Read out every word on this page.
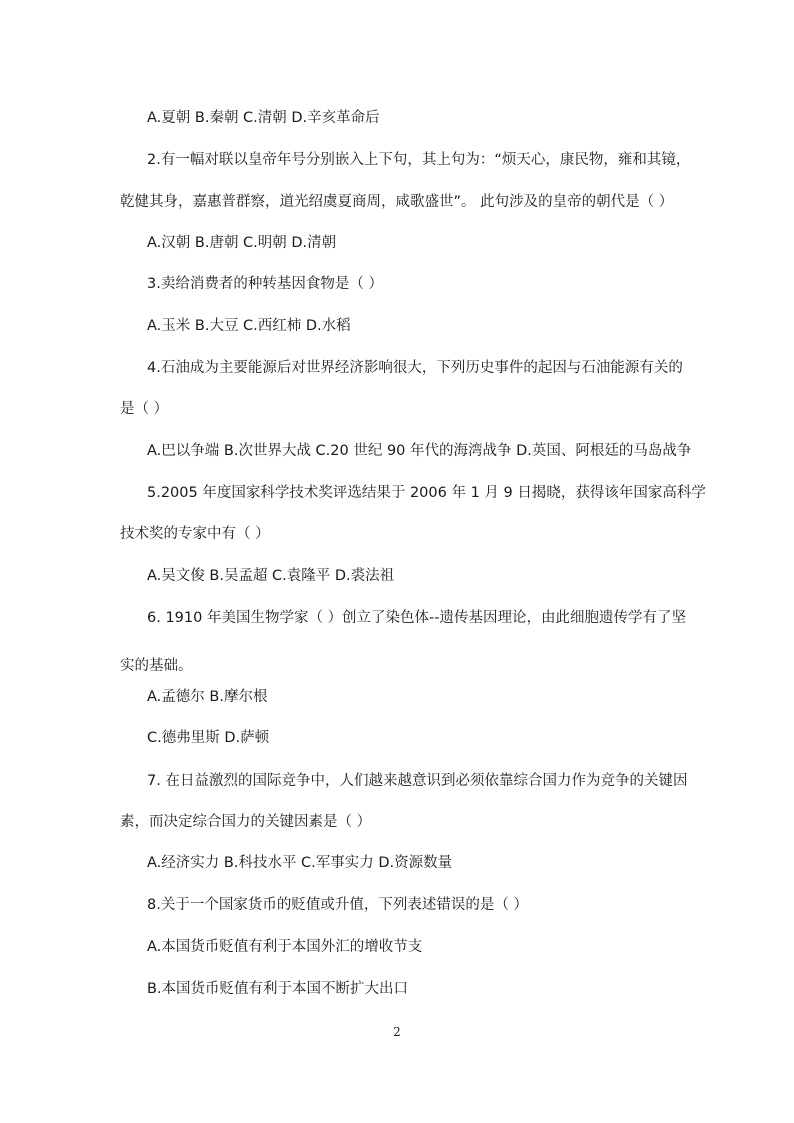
A.夏朝 B.秦朝 C.清朝 D.辛亥革命后
2.有一幅对联以皇帝年号分别嵌入上下句，其上句为：“烦天心，康民物，雍和其镜，
乾健其身，嘉惠普群察，道光绍虞夏商周，咸歌盛世”。 此句涉及的皇帝的朝代是（ ）
A.汉朝 B.唐朝 C.明朝 D.清朝
3.卖给消费者的种转基因食物是（ ）
A.玉米 B.大豆 C.西红柿 D.水稻
4.石油成为主要能源后对世界经济影响很大，下列历史事件的起因与石油能源有关的
是（ ）
A.巴以争端 B.次世界大战 C.20 世纪 90 年代的海湾战争 D.英国、阿根廷的马岛战争
5.2005 年度国家科学技术奖评选结果于 2006 年 1 月 9 日揭晓，获得该年国家高科学
技术奖的专家中有（ ）
A.吴文俊 B.吴孟超 C.袁隆平 D.裘法祖
6. 1910 年美国生物学家（ ）创立了染色体--遗传基因理论，由此细胞遗传学有了坚
实的基础。
A.孟德尔 B.摩尔根
C.德弗里斯 D.萨顿
7. 在日益激烈的国际竞争中，人们越来越意识到必须依靠综合国力作为竞争的关键因
素，而决定综合国力的关键因素是（ ）
A.经济实力 B.科技水平 C.军事实力 D.资源数量
8.关于一个国家货币的贬值或升值，下列表述错误的是（ ）
A.本国货币贬值有利于本国外汇的增收节支
B.本国货币贬值有利于本国不断扩大出口
2
